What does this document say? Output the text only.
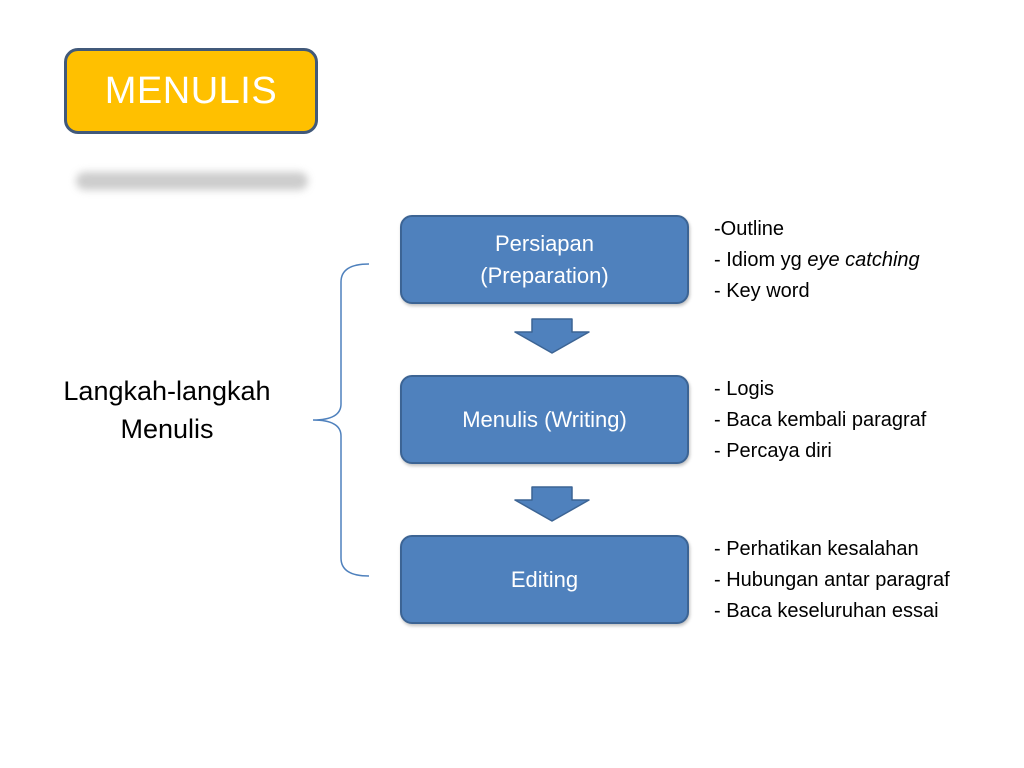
MENULIS
Langkah-langkah
Menulis
Persiapan
(Preparation)
Menulis (Writing)
Editing
-Outline
- Idiom yg eye catching
- Key word
- Logis
- Baca kembali paragraf
- Percaya diri
- Perhatikan kesalahan
- Hubungan antar paragraf
- Baca keseluruhan essai
